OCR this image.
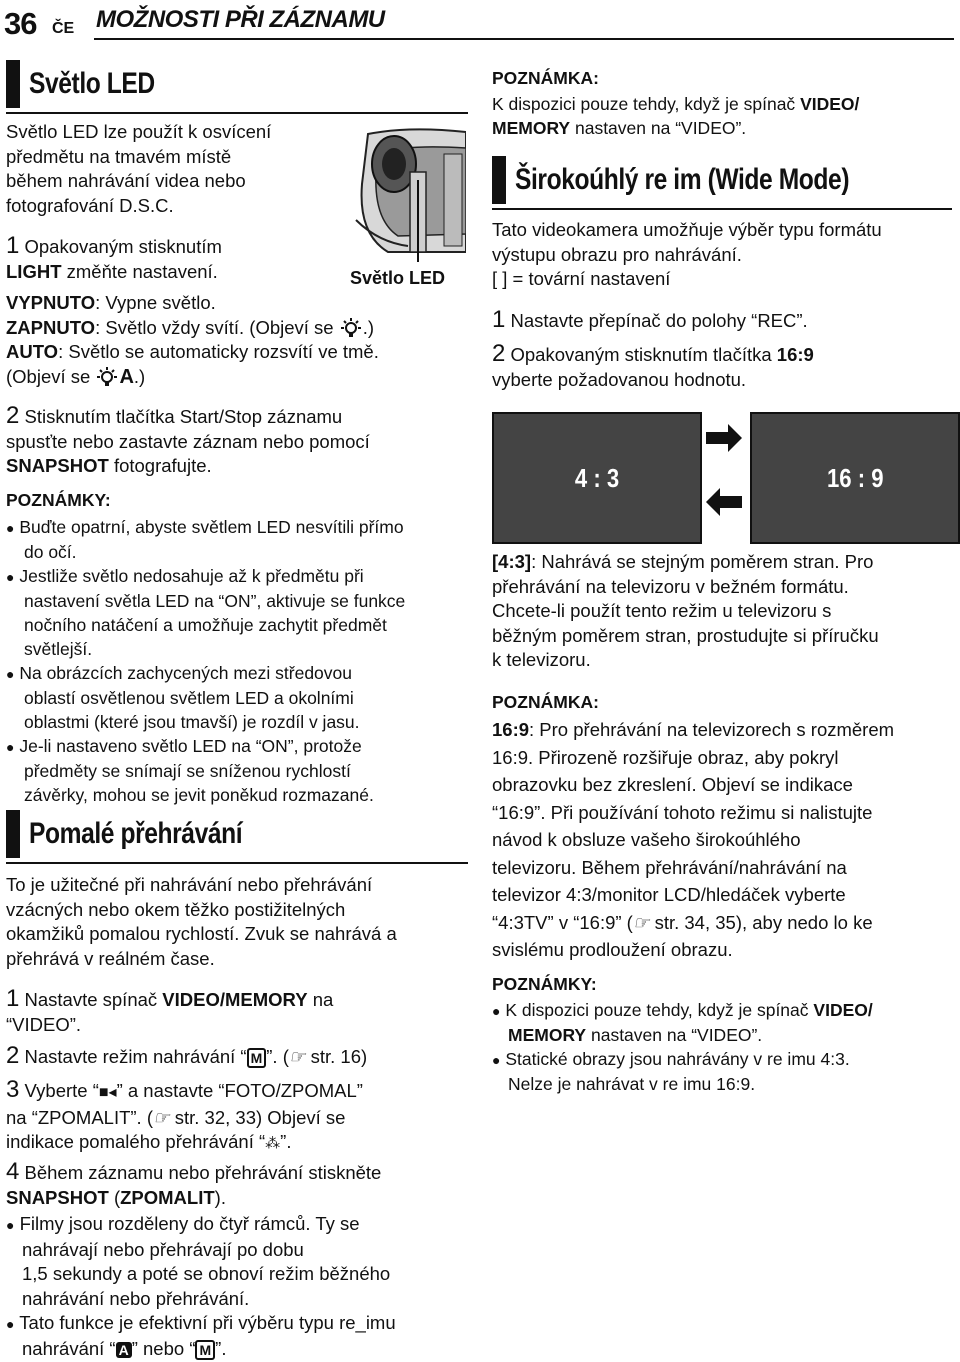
36 ČE MOŽNOSTI PŘI ZÁZNAMU
Světlo LED
Světlo LED lze použít k osvícení
předmětu na tmavém místě
během nahrávání videa nebo
fotografování D.S.C.
Světlo LED
1 Opakovaným stisknutím
LIGHT změňte nastavení.
VYPNUTO: Vypne světlo.
ZAPNUTO: Světlo vždy svítí. (Objeví se .)
AUTO: Světlo se automaticky rozsvítí ve tmě.
(Objeví se A.)
2 Stisknutím tlačítka Start/Stop záznamu
spusťte nebo zastavte záznam nebo pomocí
SNAPSHOT fotografujte.
POZNÁMKY:
● Buďte opatrní, abyste světlem LED nesvítili přímo
do očí.
● Jestliže světlo nedosahuje až k předmětu při
nastavení světla LED na “ON”, aktivuje se funkce
nočního natáčení a umožňuje zachytit předmět
světlejší.
● Na obrázcích zachycených mezi středovou
oblastí osvětlenou světlem LED a okolními
oblastmi (které jsou tmavší) je rozdíl v jasu.
● Je-li nastaveno světlo LED na “ON”, protože
předměty se snímají se sníženou rychlostí
závěrky, mohou se jevit poněkud rozmazané.
Pomalé přehrávání
To je užitečné při nahrávání nebo přehrávání
vzácných nebo okem těžko postižitelných
okamžiků pomalou rychlostí. Zvuk se nahrává a
přehrává v reálném čase.
1 Nastavte spínač VIDEO/MEMORY na
“VIDEO”.
2 Nastavte režim nahrávání “ M ”. (☞ str. 16)
3 Vyberte “■◂” a nastavte “FOTO/ZPOMAL”
na “ZPOMALIT”. (☞ str. 32, 33) Objeví se
indikace pomalého přehrávání “⁂”.
4 Během záznamu nebo přehrávání stiskněte
SNAPSHOT (ZPOMALIT).
● Filmy jsou rozděleny do čtyř rámců. Ty se
nahrávají nebo přehrávají po dobu
1,5 sekundy a poté se obnoví režim běžného
nahrávání nebo přehrávání.
● Tato funkce je efektivní při výběru typu re_imu
nahrávání “ A ” nebo “ M ”.
POZNÁMKA:
K dispozici pouze tehdy, když je spínač VIDEO/
MEMORY nastaven na “VIDEO”.
Širokoúhlý re im (Wide Mode)
Tato videokamera umožňuje výběr typu formátu
výstupu obrazu pro nahrávání.
[ ] = tovární nastavení
1 Nastavte přepínač do polohy “REC”.
2 Opakovaným stisknutím tlačítka 16:9
vyberte požadovanou hodnotu.
4 : 3	16 : 9
[4:3]: Nahrává se stejným poměrem stran. Pro
přehrávání na televizoru v bežném formátu.
Chcete-li použít tento režim u televizoru s
běžným poměrem stran, prostudujte si příručku
k televizoru.
POZNÁMKA:
16:9: Pro přehrávání na televizorech s rozměrem
16:9. Přirozeně rozšiřuje obraz, aby pokryl
obrazovku bez zkreslení. Objeví se indikace
“16:9”. Při používání tohoto režimu si nalistujte
návod k obsluze vašeho širokoúhlého
televizoru. Během přehrávání/nahrávání na
televizor 4:3/monitor LCD/hledáček vyberte
“4:3TV” v “16:9” (☞ str. 34, 35), aby nedo lo ke
svislému prodloužení obrazu.
POZNÁMKY:
● K dispozici pouze tehdy, když je spínač VIDEO/
MEMORY nastaven na “VIDEO”.
● Statické obrazy jsou nahrávány v re imu 4:3.
Nelze je nahrávat v re imu 16:9.
